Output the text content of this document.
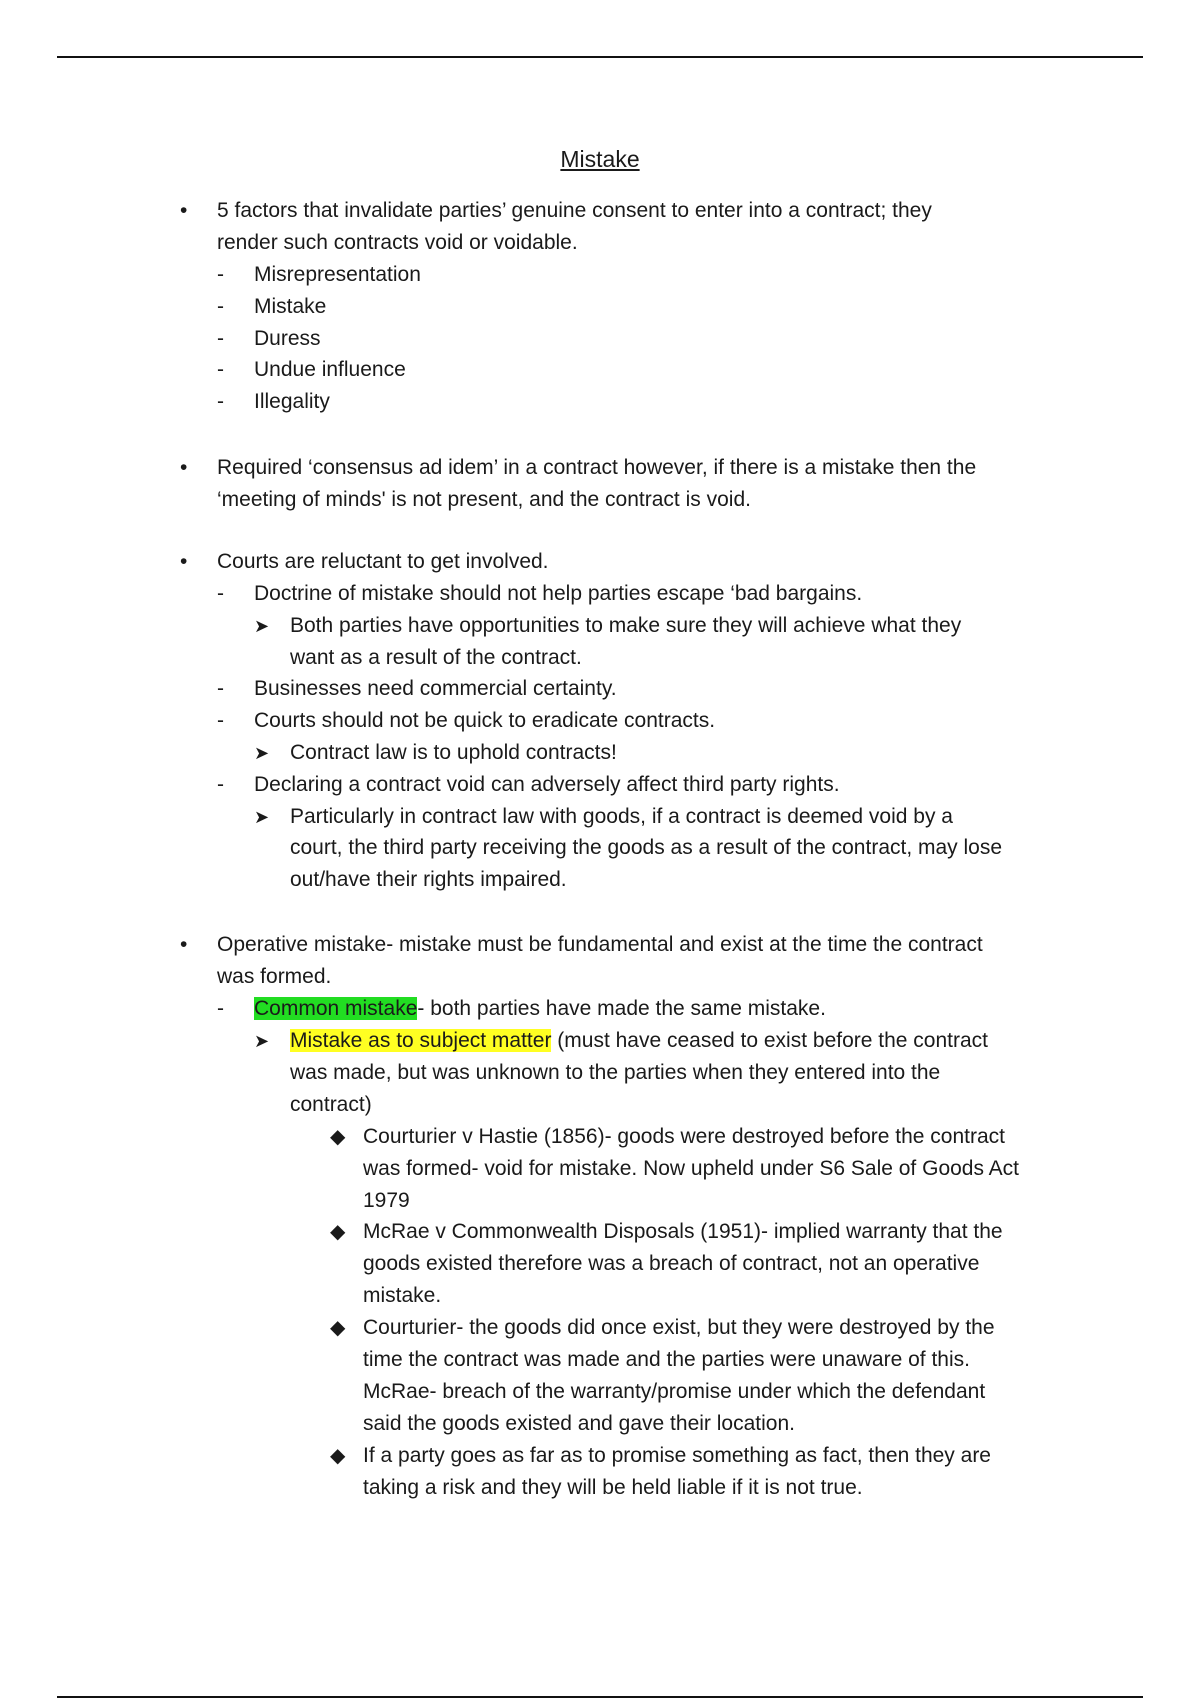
Mistake
• 5 factors that invalidate parties’ genuine consent to enter into a contract; they
render such contracts void or voidable.
- Misrepresentation
- Mistake
- Duress
- Undue influence
- Illegality
• Required ‘consensus ad idem’ in a contract however, if there is a mistake then the
‘meeting of minds' is not present, and the contract is void.
• Courts are reluctant to get involved.
- Doctrine of mistake should not help parties escape ‘bad bargains.
➤ Both parties have opportunities to make sure they will achieve what they
want as a result of the contract.
- Businesses need commercial certainty.
- Courts should not be quick to eradicate contracts.
➤ Contract law is to uphold contracts!
- Declaring a contract void can adversely affect third party rights.
➤ Particularly in contract law with goods, if a contract is deemed void by a
court, the third party receiving the goods as a result of the contract, may lose
out/have their rights impaired.
• Operative mistake- mistake must be fundamental and exist at the time the contract
was formed.
- Common mistake- both parties have made the same mistake.
➤ Mistake as to subject matter (must have ceased to exist before the contract
was made, but was unknown to the parties when they entered into the
contract)
◆ Courturier v Hastie (1856)- goods were destroyed before the contract
was formed- void for mistake. Now upheld under S6 Sale of Goods Act
1979
◆ McRae v Commonwealth Disposals (1951)- implied warranty that the
goods existed therefore was a breach of contract, not an operative
mistake.
◆ Courturier- the goods did once exist, but they were destroyed by the
time the contract was made and the parties were unaware of this.
McRae- breach of the warranty/promise under which the defendant
said the goods existed and gave their location.
◆ If a party goes as far as to promise something as fact, then they are
taking a risk and they will be held liable if it is not true.
